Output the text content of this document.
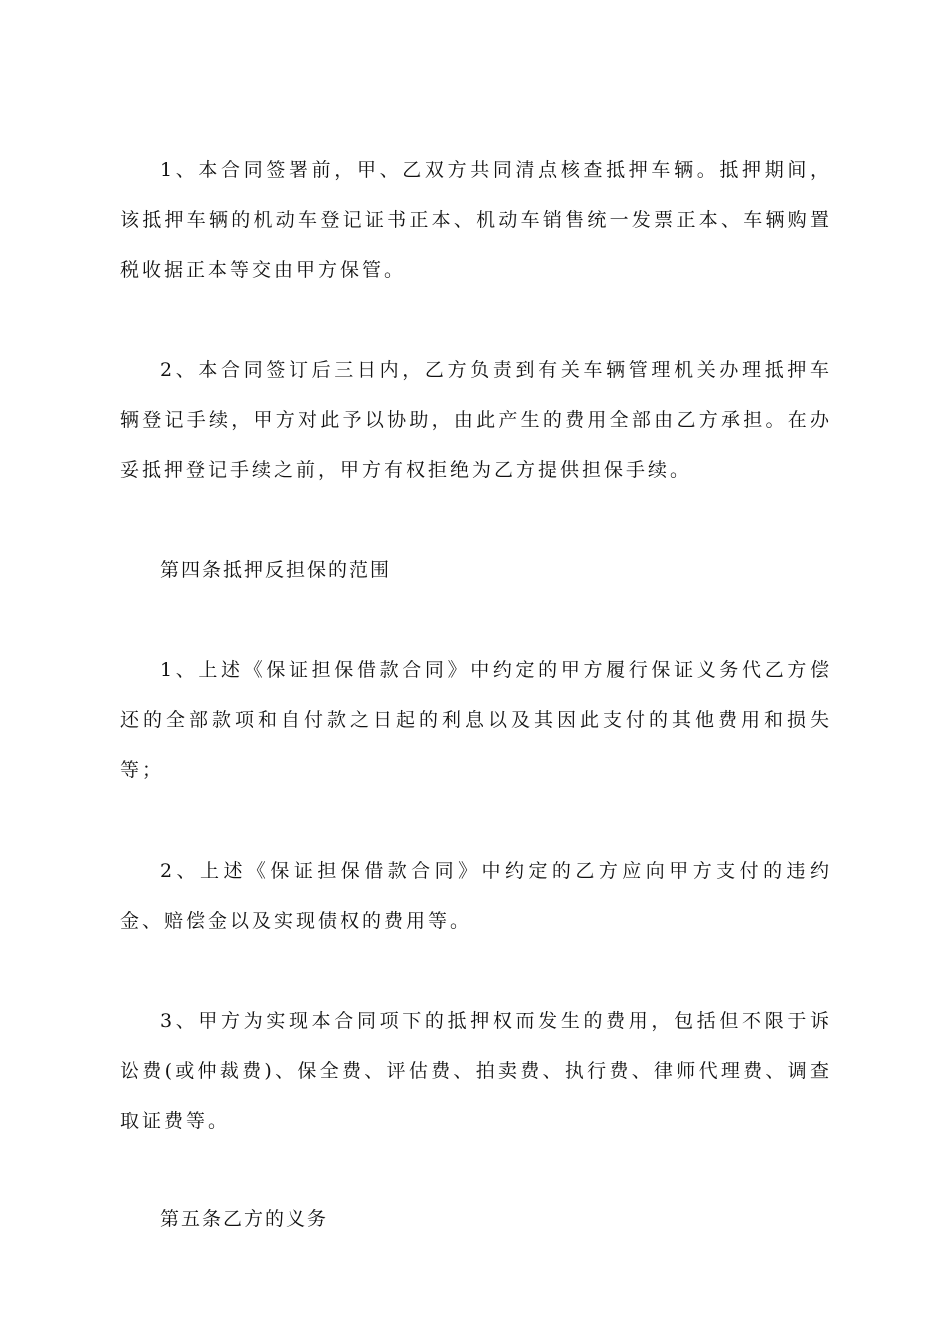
1、本合同签署前，甲、乙双方共同清点核查抵押车辆。抵押期间，该抵押车辆的机动车登记证书正本、机动车销售统一发票正本、车辆购置税收据正本等交由甲方保管。

2、本合同签订后三日内，乙方负责到有关车辆管理机关办理抵押车辆登记手续，甲方对此予以协助，由此产生的费用全部由乙方承担。在办妥抵押登记手续之前，甲方有权拒绝为乙方提供担保手续。

第四条抵押反担保的范围

1、上述《保证担保借款合同》中约定的甲方履行保证义务代乙方偿还的全部款项和自付款之日起的利息以及其因此支付的其他费用和损失等；

2、上述《保证担保借款合同》中约定的乙方应向甲方支付的违约金、赔偿金以及实现债权的费用等。

3、甲方为实现本合同项下的抵押权而发生的费用，包括但不限于诉讼费(或仲裁费)、保全费、评估费、拍卖费、执行费、律师代理费、调查取证费等。

第五条乙方的义务
